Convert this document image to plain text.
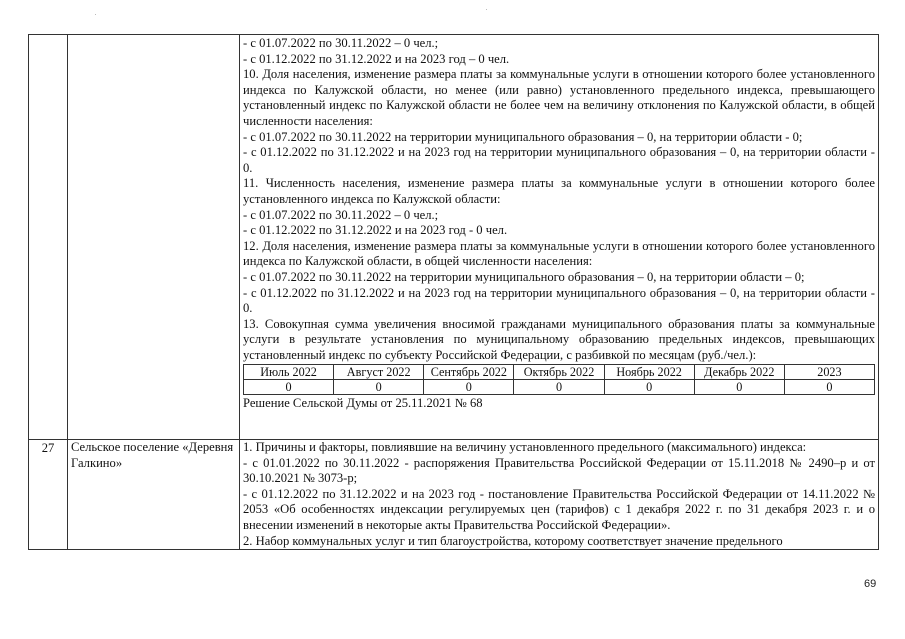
- с 01.07.2022 по 30.11.2022 – 0 чел.;

- с 01.12.2022 по 31.12.2022 и на 2023 год – 0 чел.

10. Доля населения, изменение размера платы за коммунальные услуги в отношении которого более установленного индекса по Калужской области, но менее (или равно) установленного предельного индекса, превышающего установленный индекс по Калужской области не более чем на величину отклонения по Калужской области, в общей численности населения:

- с 01.07.2022 по 30.11.2022 на территории муниципального образования – 0, на территории области - 0;

- с 01.12.2022 по 31.12.2022 и на 2023 год на территории муниципального образования – 0, на территории области - 0.

11. Численность населения, изменение размера платы за коммунальные услуги в отношении которого более установленного индекса по Калужской области:

- с 01.07.2022 по 30.11.2022 – 0 чел.;

- с 01.12.2022 по 31.12.2022 и на 2023 год - 0 чел.

12. Доля населения, изменение размера платы за коммунальные услуги в отношении которого более установленного индекса по Калужской области, в общей численности населения:

- с 01.07.2022 по 30.11.2022 на территории муниципального образования – 0, на территории области – 0;

- с 01.12.2022 по 31.12.2022 и на 2023 год на территории муниципального образования – 0, на территории области - 0.

13. Совокупная сумма увеличения вносимой гражданами муниципального образования платы за коммунальные услуги в результате установления по муниципальному образованию предельных индексов, превышающих установленный индекс по субъекту Российской Федерации, с разбивкой по месяцам (руб./чел.):

Июль 2022	Август 2022	Сентябрь 2022	Октябрь 2022	Ноябрь 2022	Декабрь 2022	2023
0	0	0	0	0	0	0

Решение Сельской Думы от 25.11.2021 № 68

27	Сельское поселение «Деревня Галкино»	

1. Причины и факторы, повлиявшие на величину установленного предельного (максимального) индекса:

- с 01.01.2022 по 30.11.2022 - распоряжения Правительства Российской Федерации от 15.11.2018 № 2490–р и от 30.10.2021 № 3073-р;

- с 01.12.2022 по 31.12.2022 и на 2023 год - постановление Правительства Российской Федерации от 14.11.2022 № 2053 «Об особенностях индексации регулируемых цен (тарифов) с 1 декабря 2022 г. по 31 декабря 2023 г. и о внесении изменений в некоторые акты Правительства Российской Федерации».

2. Набор коммунальных услуг и тип благоустройства, которому соответствует значение предельного

69
